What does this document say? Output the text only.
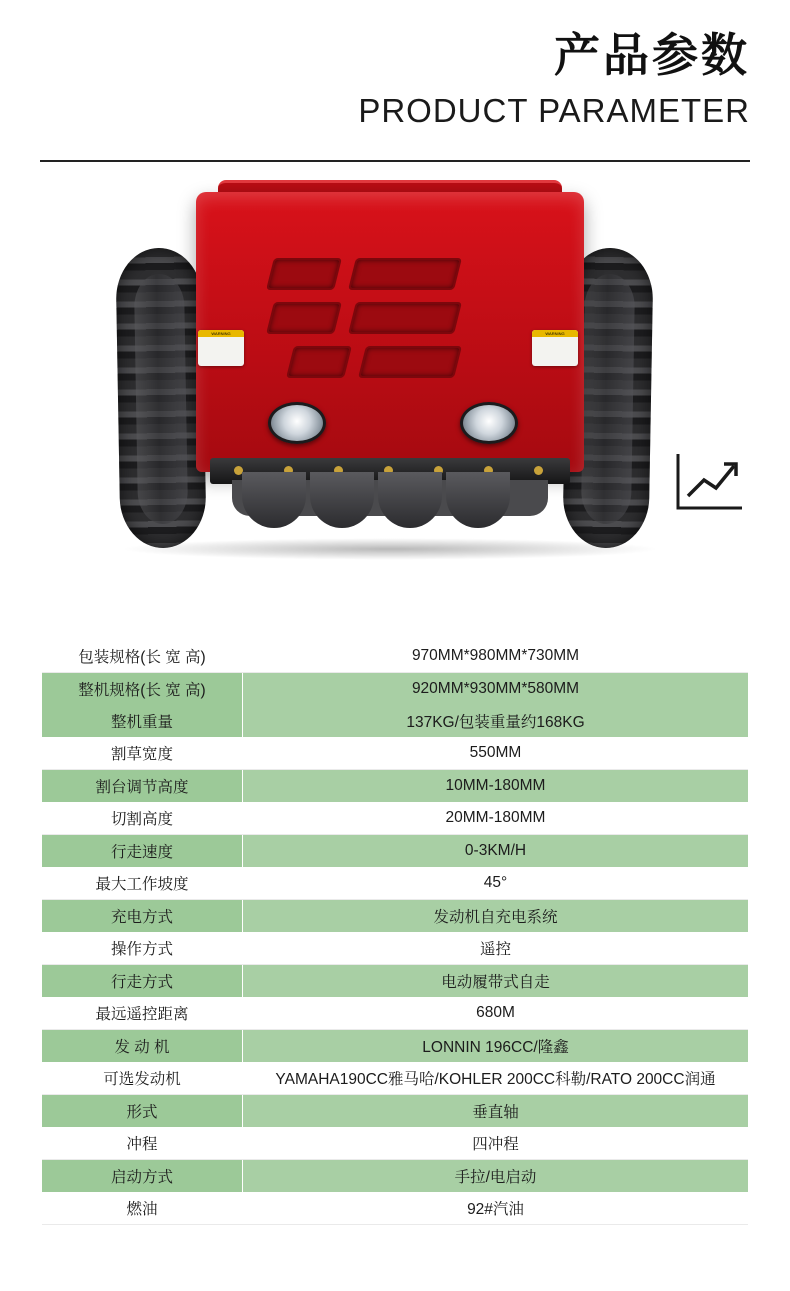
产品参数
PRODUCT PARAMETER
WARNING	WARNING
包装规格(长 宽 高)	970MM*980MM*730MM
整机规格(长 宽 高)	920MM*930MM*580MM
整机重量	137KG/包装重量约168KG
割草宽度	550MM
割台调节高度	10MM-180MM
切割高度	20MM-180MM
行走速度	0-3KM/H
最大工作坡度	45°
充电方式	发动机自充电系统
操作方式	遥控
行走方式	电动履带式自走
最远遥控距离	680M
发 动 机	LONNIN 196CC/隆鑫
可选发动机	YAMAHA190CC雅马哈/KOHLER 200CC科勒/RATO 200CC润通
形式	垂直轴
冲程	四冲程
启动方式	手拉/电启动
燃油	92#汽油
